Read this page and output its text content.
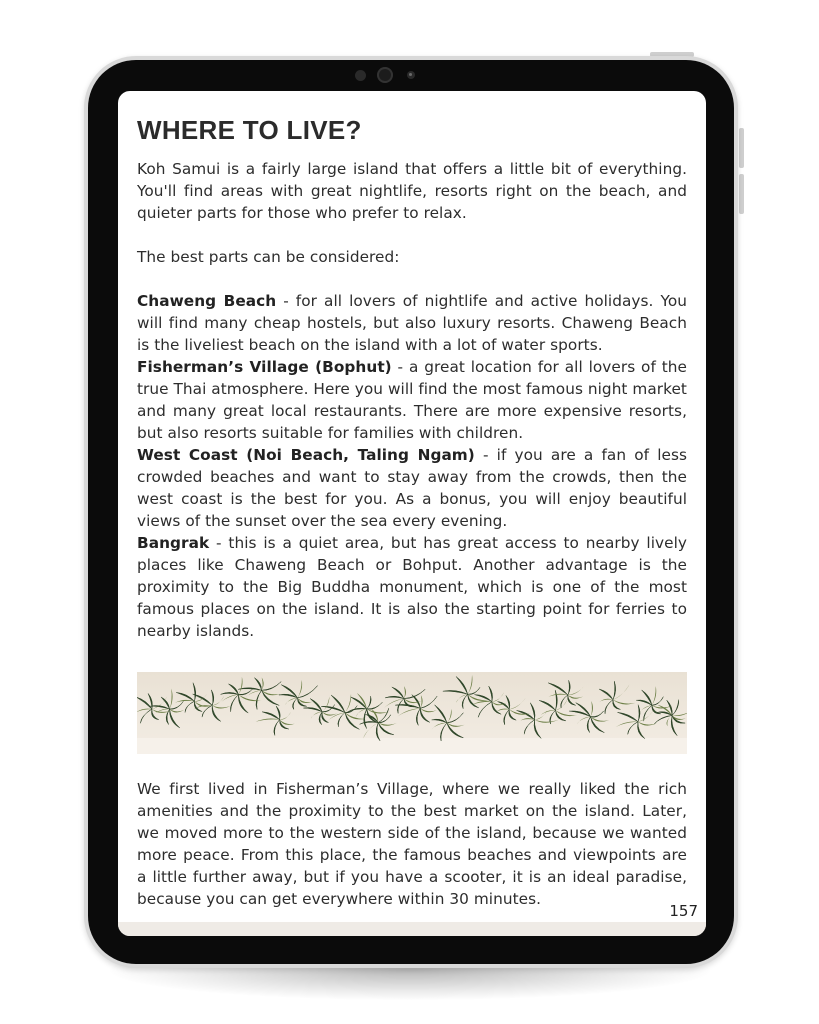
WHERE TO LIVE?

Koh Samui is a fairly large island that offers a little bit of everything. You'll find areas with great nightlife, resorts right on the beach, and quieter parts for those who prefer to relax.

The best parts can be considered:

Chaweng Beach - for all lovers of nightlife and active holidays. You will find many cheap hostels, but also luxury resorts. Chaweng Beach is the liveliest beach on the island with a lot of water sports.

Fisherman’s Village (Bophut) - a great location for all lovers of the true Thai atmosphere. Here you will find the most famous night market and many great local restaurants. There are more expensive resorts, but also resorts suitable for families with children.

West Coast (Noi Beach, Taling Ngam) - if you are a fan of less crowded beaches and want to stay away from the crowds, then the west coast is the best for you. As a bonus, you will enjoy beautiful views of the sunset over the sea every evening.

Bangrak - this is a quiet area, but has great access to nearby lively places like Chaweng Beach or Bohput. Another advantage is the proximity to the Big Buddha monument, which is one of the most famous places on the island. It is also the starting point for ferries to nearby islands.

We first lived in Fisherman’s Village, where we really liked the rich amenities and the proximity to the best market on the island. Later, we moved more to the western side of the island, because we wanted more peace. From this place, the famous beaches and viewpoints are a little further away, but if you have a scooter, it is an ideal paradise, because you can get everywhere within 30 minutes.

157
